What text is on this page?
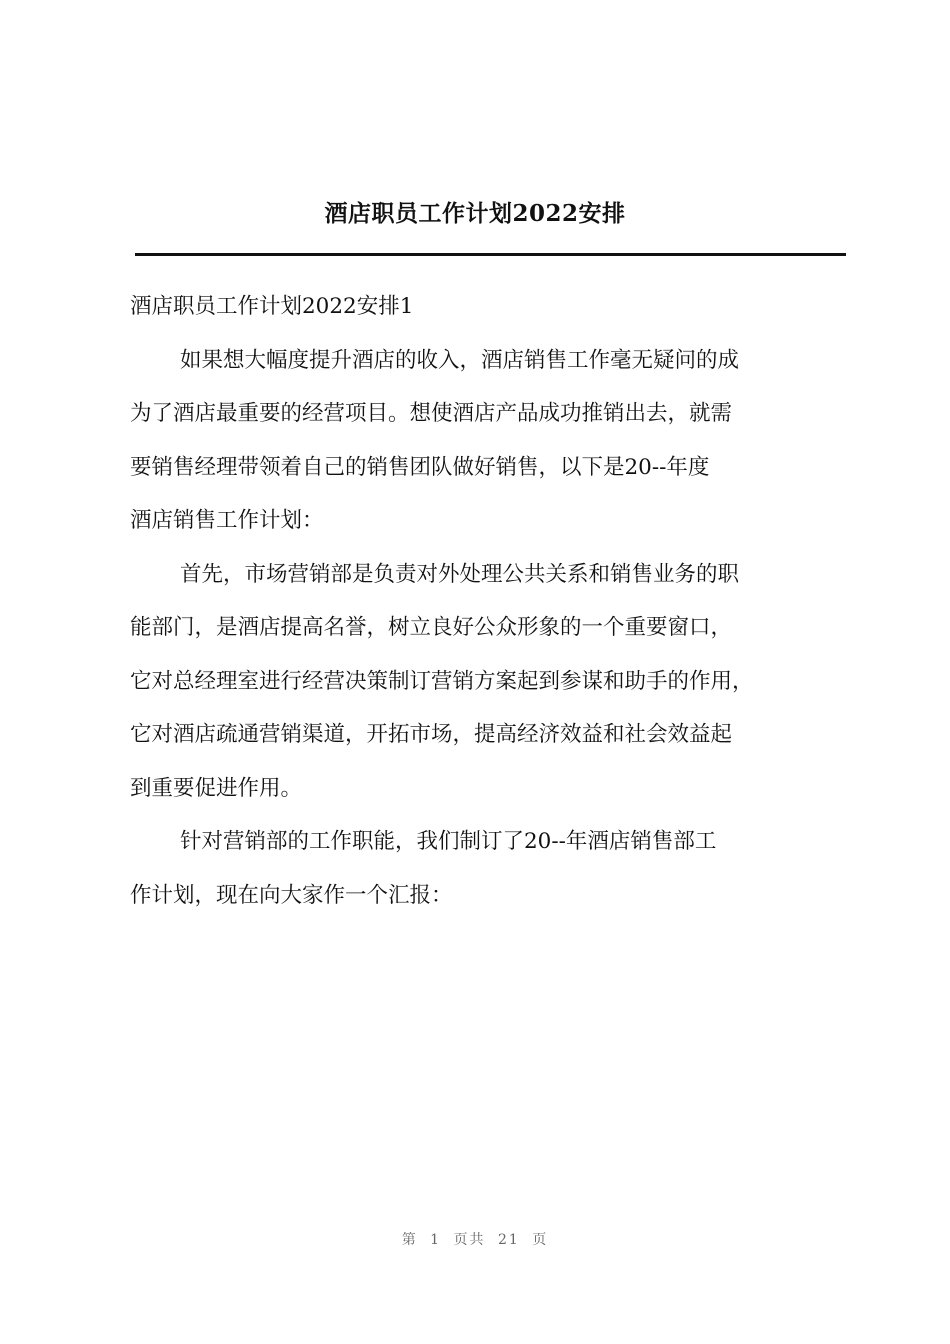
酒店职员工作计划2022安排

酒店职员工作计划2022安排1

如果想大幅度提升酒店的收入，酒店销售工作毫无疑问的成

为了酒店最重要的经营项目。想使酒店产品成功推销出去，就需

要销售经理带领着自己的销售团队做好销售，以下是20--年度

酒店销售工作计划：

首先，市场营销部是负责对外处理公共关系和销售业务的职

能部门，是酒店提高名誉，树立良好公众形象的一个重要窗口，

它对总经理室进行经营决策制订营销方案起到参谋和助手的作用，

它对酒店疏通营销渠道，开拓市场，提高经济效益和社会效益起

到重要促进作用。

针对营销部的工作职能，我们制订了20--年酒店销售部工

作计划，现在向大家作一个汇报：

第 1 页共 21 页
